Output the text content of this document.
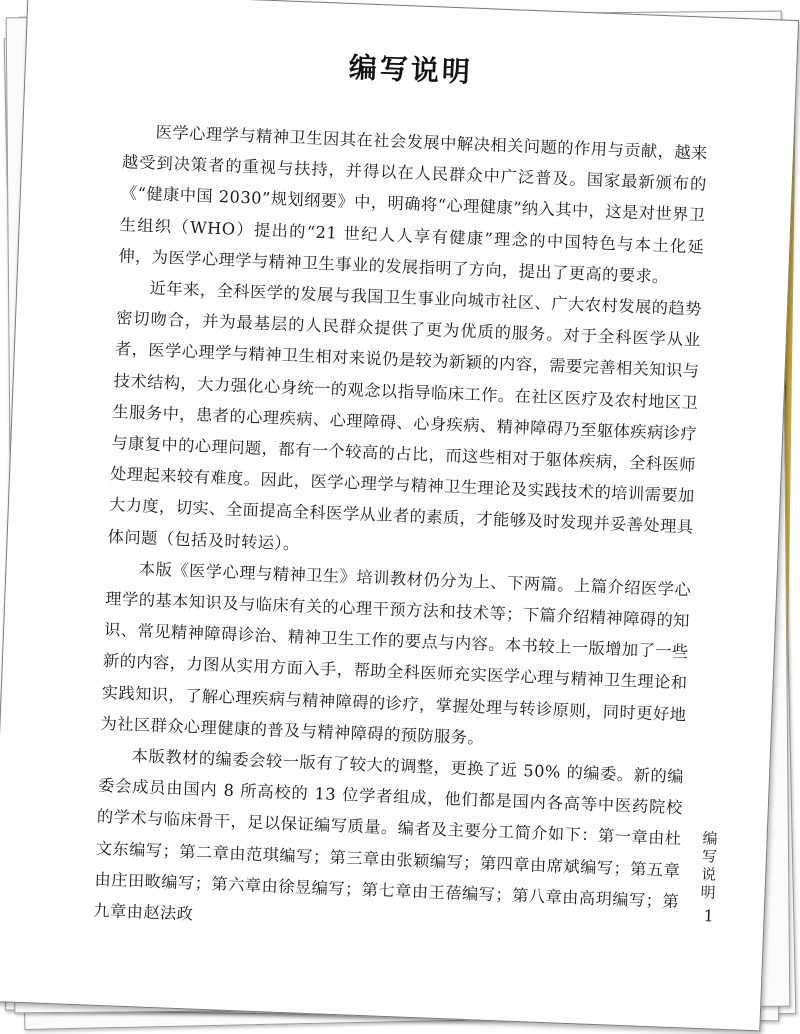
编写说明

医学心理学与精神卫生因其在社会发展中解决相关问题的作用与贡献，越来越受到决策者的重视与扶持，并得以在人民群众中广泛普及。国家最新颁布的《“健康中国 2030”规划纲要》中，明确将“心理健康”纳入其中，这是对世界卫生组织（WHO）提出的“21 世纪人人享有健康”理念的中国特色与本土化延伸，为医学心理学与精神卫生事业的发展指明了方向，提出了更高的要求。

近年来，全科医学的发展与我国卫生事业向城市社区、广大农村发展的趋势密切吻合，并为最基层的人民群众提供了更为优质的服务。对于全科医学从业者，医学心理学与精神卫生相对来说仍是较为新颖的内容，需要完善相关知识与技术结构，大力强化心身统一的观念以指导临床工作。在社区医疗及农村地区卫生服务中，患者的心理疾病、心理障碍、心身疾病、精神障碍乃至躯体疾病诊疗与康复中的心理问题，都有一个较高的占比，而这些相对于躯体疾病，全科医师处理起来较有难度。因此，医学心理学与精神卫生理论及实践技术的培训需要加大力度，切实、全面提高全科医学从业者的素质，才能够及时发现并妥善处理具体问题（包括及时转运）。

本版《医学心理与精神卫生》培训教材仍分为上、下两篇。上篇介绍医学心理学的基本知识及与临床有关的心理干预方法和技术等；下篇介绍精神障碍的知识、常见精神障碍诊治、精神卫生工作的要点与内容。本书较上一版增加了一些新的内容，力图从实用方面入手，帮助全科医师充实医学心理与精神卫生理论和实践知识，了解心理疾病与精神障碍的诊疗，掌握处理与转诊原则，同时更好地为社区群众心理健康的普及与精神障碍的预防服务。

本版教材的编委会较一版有了较大的调整，更换了近 50% 的编委。新的编委会成员由国内 8 所高校的 13 位学者组成，他们都是国内各高等中医药院校的学术与临床骨干，足以保证编写质量。编者及主要分工简介如下：第一章由杜文东编写；第二章由范琪编写；第三章由张颖编写；第四章由席斌编写；第五章由庄田畋编写；第六章由徐昱编写；第七章由王蓓编写；第八章由高玥编写；第九章由赵法政

编写说明
1
